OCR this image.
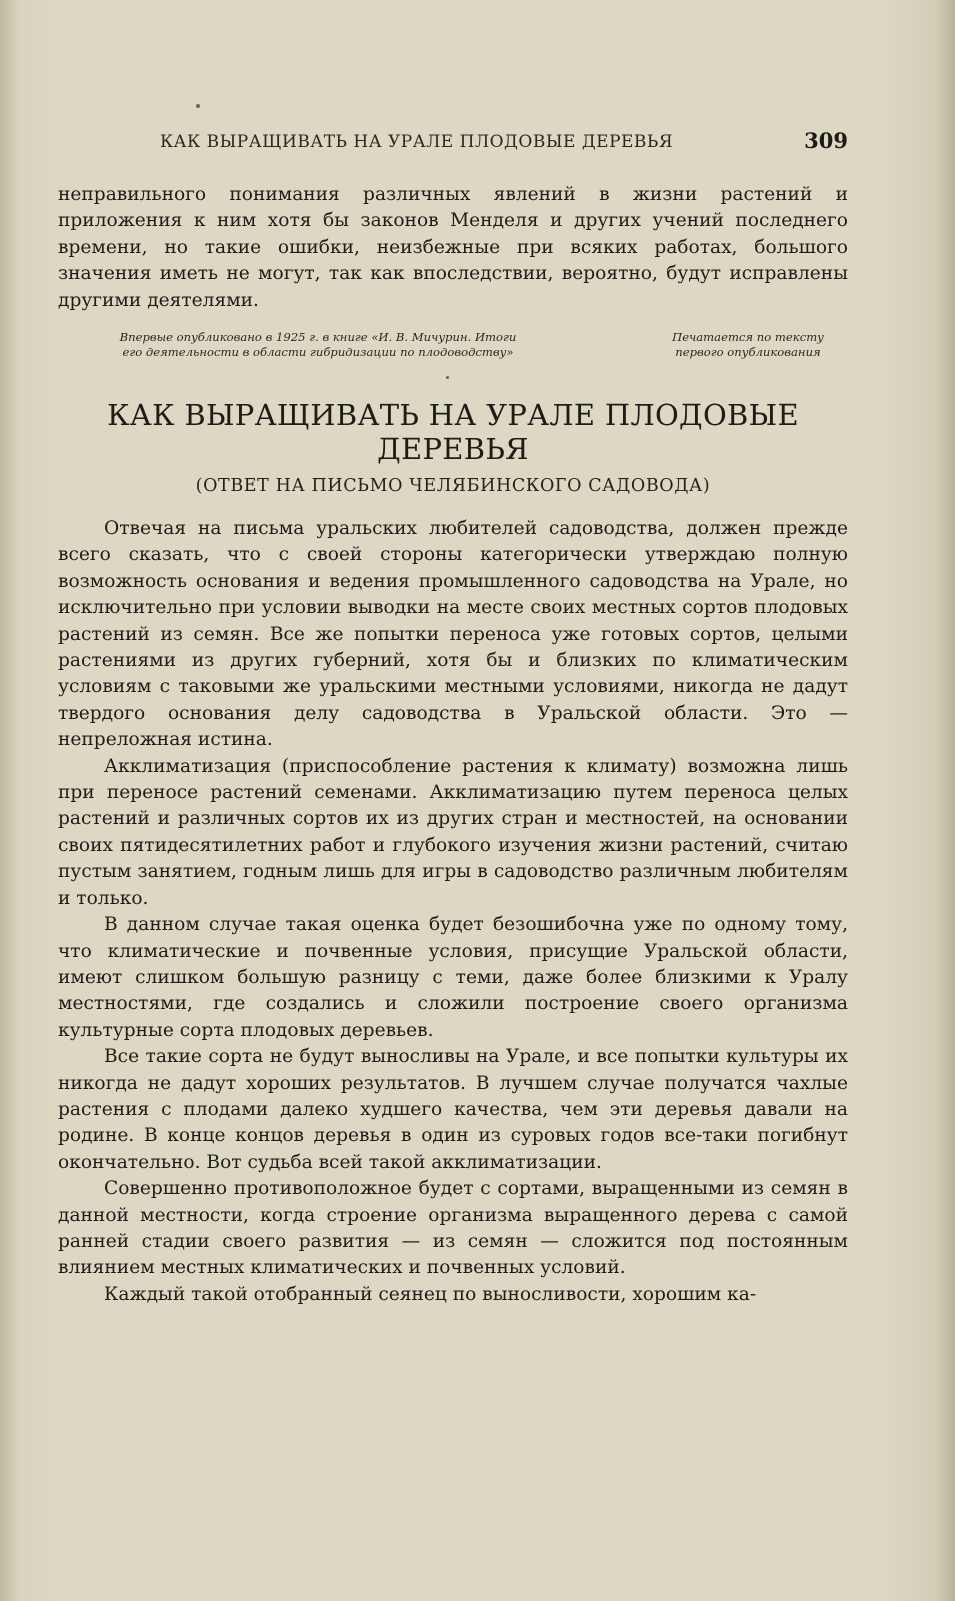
КАК ВЫРАЩИВАТЬ НА УРАЛЕ ПЛОДОВЫЕ ДЕРЕВЬЯ	309

неправильного понимания различных явлений в жизни растений и приложения к ним хотя бы законов Менделя и других учений последнего времени, но такие ошибки, неизбежные при всяких работах, большого значения иметь не могут, так как впоследствии, вероятно, будут исправлены другими деятелями.

Впервые опубликовано в 1925 г. в книге «И. В. Мичурин. Итоги
его деятельности в области гибридизации по плодоводству»
Печатается по тексту
первого опубликования
КАК ВЫРАЩИВАТЬ НА УРАЛЕ ПЛОДОВЫЕ
ДЕРЕВЬЯ
(ОТВЕТ НА ПИСЬМО ЧЕЛЯБИНСКОГО САДОВОДА)

Отвечая на письма уральских любителей садоводства, должен прежде всего сказать, что с своей стороны категорически утверждаю полную возможность основания и ведения промышленного садоводства на Урале, но исключительно при условии выводки на месте своих местных сортов плодовых растений из семян. Все же попытки переноса уже готовых сортов, целыми растениями из других губерний, хотя бы и близких по климатическим условиям с таковыми же уральскими местными условиями, никогда не дадут твердого основания делу садоводства в Уральской области. Это — непреложная истина.

Акклиматизация (приспособление растения к климату) возможна лишь при переносе растений семенами. Акклиматизацию путем переноса целых растений и различных сортов их из других стран и местностей, на основании своих пятидесятилетних работ и глубокого изучения жизни растений, считаю пустым занятием, годным лишь для игры в садоводство различным любителям и только.

В данном случае такая оценка будет безошибочна уже по одному тому, что климатические и почвенные условия, присущие Уральской области, имеют слишком большую разницу с теми, даже более близкими к Уралу местностями, где создались и сложили построение своего организма культурные сорта плодовых деревьев.

Все такие сорта не будут выносливы на Урале, и все попытки культуры их никогда не дадут хороших результатов. В лучшем случае получатся чахлые растения с плодами далеко худшего качества, чем эти деревья давали на родине. В конце концов деревья в один из суровых годов все-таки погибнут окончательно. Вот судьба всей такой акклиматизации.

Совершенно противоположное будет с сортами, выращенными из семян в данной местности, когда строение организма выращенного дерева с самой ранней стадии своего развития — из семян — сложится под постоянным влиянием местных климатических и почвенных условий.

Каждый такой отобранный сеянец по выносливости, хорошим ка-
